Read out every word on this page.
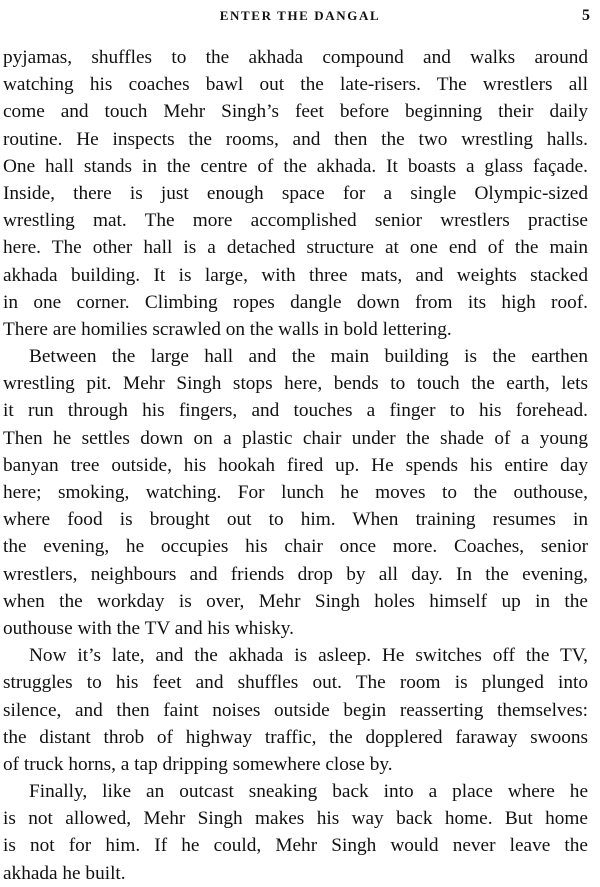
ENTER THE DANGAL	5
pyjamas, shuffles to the akhada compound and walks around
watching his coaches bawl out the late-risers. The wrestlers all
come and touch Mehr Singh’s feet before beginning their daily
routine. He inspects the rooms, and then the two wrestling halls.
One hall stands in the centre of the akhada. It boasts a glass façade.
Inside, there is just enough space for a single Olympic-sized
wrestling mat. The more accomplished senior wrestlers practise
here. The other hall is a detached structure at one end of the main
akhada building. It is large, with three mats, and weights stacked
in one corner. Climbing ropes dangle down from its high roof.
There are homilies scrawled on the walls in bold lettering.
Between the large hall and the main building is the earthen
wrestling pit. Mehr Singh stops here, bends to touch the earth, lets
it run through his fingers, and touches a finger to his forehead.
Then he settles down on a plastic chair under the shade of a young
banyan tree outside, his hookah fired up. He spends his entire day
here; smoking, watching. For lunch he moves to the outhouse,
where food is brought out to him. When training resumes in
the evening, he occupies his chair once more. Coaches, senior
wrestlers, neighbours and friends drop by all day. In the evening,
when the workday is over, Mehr Singh holes himself up in the
outhouse with the TV and his whisky.
Now it’s late, and the akhada is asleep. He switches off the TV,
struggles to his feet and shuffles out. The room is plunged into
silence, and then faint noises outside begin reasserting themselves:
the distant throb of highway traffic, the dopplered faraway swoons
of truck horns, a tap dripping somewhere close by.
Finally, like an outcast sneaking back into a place where he
is not allowed, Mehr Singh makes his way back home. But home
is not for him. If he could, Mehr Singh would never leave the
akhada he built.
